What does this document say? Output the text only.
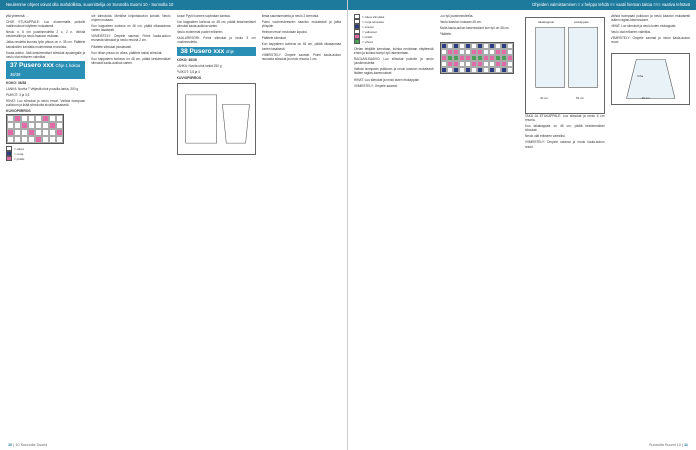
Neulemme ohjeet voivat olla mahdollista, suunnittelija on Sunnolla Suomi 10 - Sunnolla 10

yllä yhteensä: ...

OHJE ETUKAPPALE: Luo ohuemmalle puikolle mallineulonut näytteen mukaisesti.

Neulo n. 6 cm joustinneuletta 2 o, 2 n. Vaihda neulemalliin ja neulo kaavion mukaan.

Jatka neuletta kunnes työn pituus on n. 35 cm. Päättele kainaloiden kohdalla molemmista reunoista.

Kaula-aukko: Jätä keskimmäiset silmukat apulangalle ja neulo olat erikseen valmiiksi.

37 Pusero xxx Ohje 1 kokoa 36/38

KOKO: 36/38

LANKA: Novita 7 Veljestä ohut puuvilla-lanka, 300 g

PUIKOT: 3 ja 3,5

HIHAT: Luo silmukat ja neulo resori. Vaihda isompaan puikkoon ja lisää silmukoita sivuilta tasaisesti.

KUVIOPIIRROS
= oikea
= nurja
= pinkki

ole silmukoita. Merkitse kirjontakuvion kohdat. Neulo ohjeen mukaan.

Kun kappaleen korkeus on 46 cm, päätä olkasaumaa varten tasaisesti.

VIIMEISTELY: Ompele saumat. Poimi kaula-aukon reunasta silmukat ja neulo resoria 2 cm.

Päättele silmukat joustavasti.

Kun hihan pituus on oikea, päättele kaikki silmukat.

Kun kappaleen korkeus on 48 cm, päätä keskimmäiset silmukat kaula-aukkoa varten.

tussa! Pyyhi kunnes sopimaan kanssa.

Kun kappaleen korkeus on 48 cm, päätä keskimmäiset silmukat kaula-aukkoa varten.

Neulo molemmat puolet erikseen.

KAULURESORI: Poimi silmukat ja neulo 3 cm joustinneuletta.

38 Pusero xxx ohje

KOKO: 36/38

LANKA: Novita ohut lanka 250 g

PUIKOT: 3,5 ja 4

KUVIOPIIRROS

tiesta saumaneuletta ja neulo 2 kierrosta.

Poimi vuorineuleeseen kaavion mukaisesti ja jatka ylöspäin.

Helman resori neulotaan lopuksi.

Päättele silmukat.

Kun kappaleen korkeus on 46 cm, päätä olkasaumaa varten tasaisesti.

VIIMEISTELY: Ompele saumat. Poimi kaula-aukon reunasta silmukat ja neulo resoria 2 cm.

10 | 10 Sunnolla Suomi
Ohjeiden valmistaminen ≡ x helppo tehdä ≡≡ vaatii hieman taitoa ≡≡≡ vaativa tehtävä
= oikea silmukka
= nurja silmukka
= sininen
= valkoinen
= pinkki
= vihreä

Olelan tekijälle kerrotaan, kuinka neulotaan näytteestä ensin ja kuinka isompi työ rakennetaan.

RAGLAN-KAAVIO: Luo silmukat puikolle ja neulo joustinneuletta.

Vaihda isompaan puikkoon ja neulo kaavion mukaisesti lisäten raglan-kavennukset.

HIHAT: Luo silmukat ja neulo kuten etukappale.

VIIMEISTELY: Ompele saumat.

Luo työ joustinneuleella.

Neulo kaavion mukaan 45 cm.

Aloita kaula-aukon kavennukset kun työ on 48 cm.

Päättele.

takakappale	etukappale
40 cm	53 cm

TAKA JA ETUKAPPALE: Luo silmukat ja neulo 6 cm resoria.

Kun takakappale on 48 cm, päätä keskimmäiset silmukat.

Neulo olat erikseen valmiiksi.

VIIMEISTELY: Ompele saumat ja neulo kaula-aukon resori.

Vaihda isompaan puikkoon ja neulo kaavion mukaisesti lisäten raglan-kavennukset.

HIHAT: Luo silmukat ja neulo kuten etukappale.

Neulo olat erikseen valmiiksi.

VIIMEISTELY: Ompele saumat ja neulo kaula-aukon resori.

hiha
15 cm
Sunnolla Suomi 10 | 11
